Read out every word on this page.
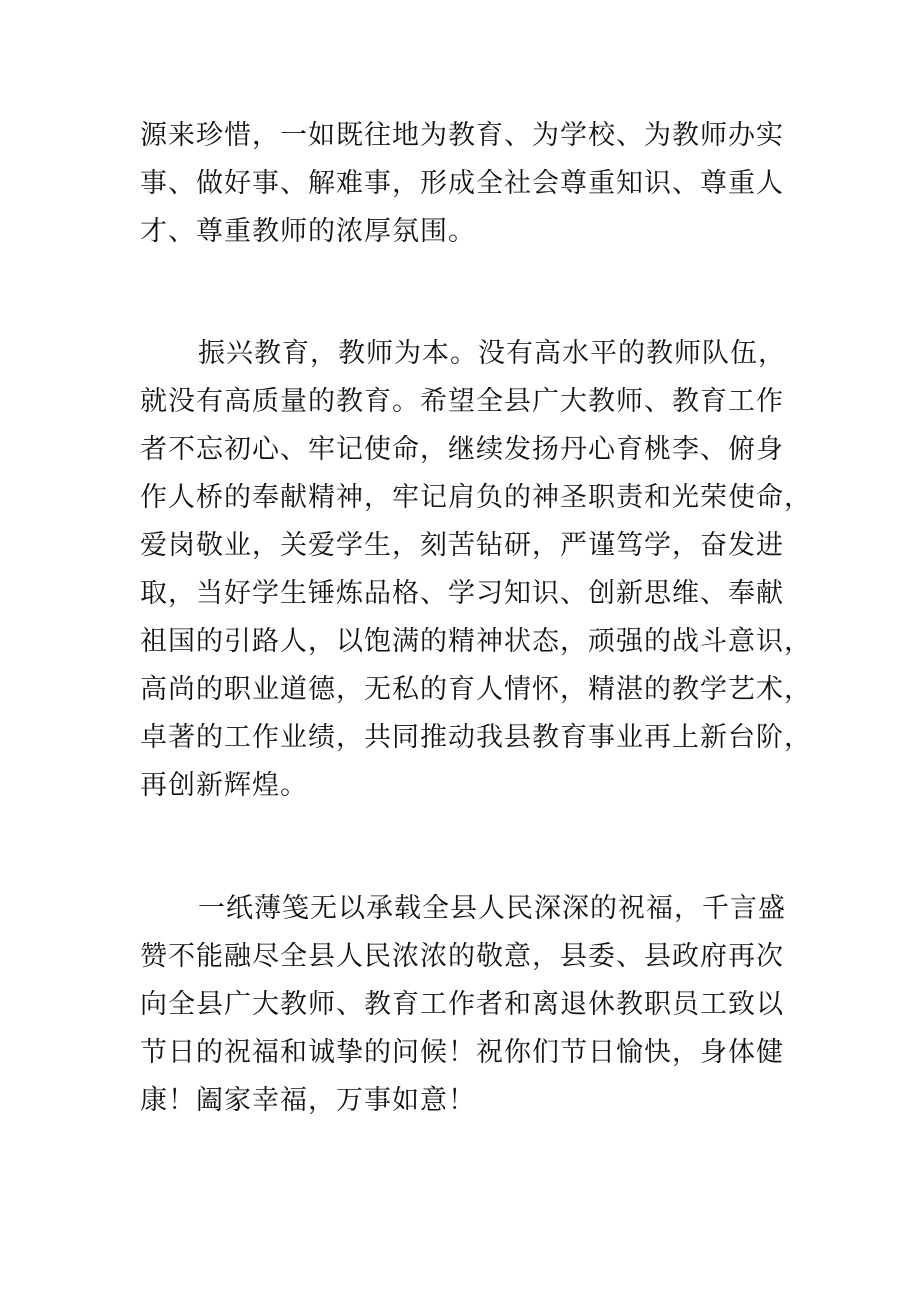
源来珍惜，一如既往地为教育、为学校、为教师办实
事、做好事、解难事，形成全社会尊重知识、尊重人
才、尊重教师的浓厚氛围。
振兴教育，教师为本。没有高水平的教师队伍，
就没有高质量的教育。希望全县广大教师、教育工作
者不忘初心、牢记使命，继续发扬丹心育桃李、俯身
作人桥的奉献精神，牢记肩负的神圣职责和光荣使命，
爱岗敬业，关爱学生，刻苦钻研，严谨笃学，奋发进
取，当好学生锤炼品格、学习知识、创新思维、奉献
祖国的引路人，以饱满的精神状态，顽强的战斗意识，
高尚的职业道德，无私的育人情怀，精湛的教学艺术，
卓著的工作业绩，共同推动我县教育事业再上新台阶，
再创新辉煌。
一纸薄笺无以承载全县人民深深的祝福，千言盛
赞不能融尽全县人民浓浓的敬意，县委、县政府再次
向全县广大教师、教育工作者和离退休教职员工致以
节日的祝福和诚挚的问候！祝你们节日愉快，身体健
康！阖家幸福，万事如意！
